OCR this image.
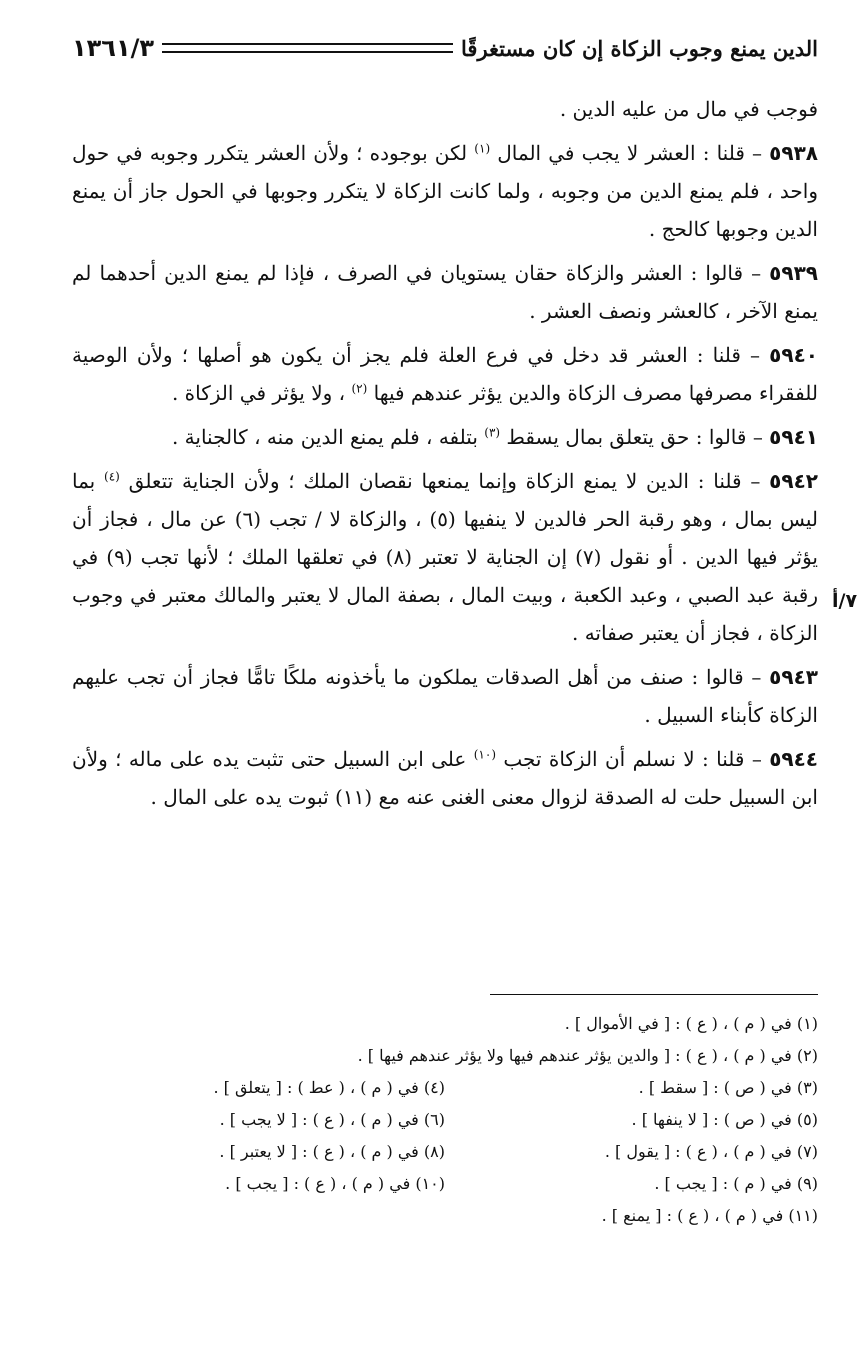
الدين يمنع وجوب الزكاة إن كان مستغرقًا
١٣٦١/٣
٧/أ

فوجب في مال من عليه الدين .

٥٩٣٨ – قلنا : العشر لا يجب في المال $^{(١)}$ لكن بوجوده ؛ ولأن العشر يتكرر وجوبه في حول واحد ، فلم يمنع الدين من وجوبه ، ولما كانت الزكاة لا يتكرر وجوبها في الحول جاز أن يمنع الدين وجوبها كالحج .

٥٩٣٩ – قالوا : العشر والزكاة حقان يستويان في الصرف ، فإذا لم يمنع الدين أحدهما لم يمنع الآخر ، كالعشر ونصف العشر .

٥٩٤٠ – قلنا : العشر قد دخل في فرع العلة فلم يجز أن يكون هو أصلها ؛ ولأن الوصية للفقراء مصرفها مصرف الزكاة والدين يؤثر عندهم فيها $^{(٢)}$ ، ولا يؤثر في الزكاة .

٥٩٤١ – قالوا : حق يتعلق بمال يسقط $^{(٣)}$ بتلفه ، فلم يمنع الدين منه ، كالجناية .

٥٩٤٢ – قلنا : الدين لا يمنع الزكاة وإنما يمنعها نقصان الملك ؛ ولأن الجناية تتعلق $^{(٤)}$ بما ليس بمال ، وهو رقبة الحر فالدين لا ينفيها (٥) ، والزكاة لا / تجب (٦) عن مال ، فجاز أن يؤثر فيها الدين . أو نقول (٧) إن الجناية لا تعتبر (٨) في تعلقها الملك ؛ لأنها تجب (٩) في رقبة عبد الصبي ، وعبد الكعبة ، وبيت المال ، بصفة المال لا يعتبر والمالك معتبر في وجوب الزكاة ، فجاز أن يعتبر صفاته .

٥٩٤٣ – قالوا : صنف من أهل الصدقات يملكون ما يأخذونه ملكًا تامًّا فجاز أن تجب عليهم الزكاة كأبناء السبيل .

٥٩٤٤ – قلنا : لا نسلم أن الزكاة تجب $^{(١٠)}$ على ابن السبيل حتى تثبت يده على ماله ؛ ولأن ابن السبيل حلت له الصدقة لزوال معنى الغنى عنه مع (١١) ثبوت يده على المال .

(١) في ( م ) ، ( ع ) : [ في الأموال ] .
(٢) في ( م ) ، ( ع ) : [ والدين يؤثر عندهم فيها ولا يؤثر عندهم فيها ] .
(٣) في ( ص ) : [ سقط ] .
(٤) في ( م ) ، ( عط ) : [ يتعلق ] .
(٥) في ( ص ) : [ لا ينفها ] .
(٦) في ( م ) ، ( ع ) : [ لا يجب ] .
(٧) في ( م ) ، ( ع ) : [ يقول ] .
(٨) في ( م ) ، ( ع ) : [ لا يعتبر ] .
(٩) في ( م ) : [ يجب ] .
(١٠) في ( م ) ، ( ع ) : [ يجب ] .
(١١) في ( م ) ، ( ع ) : [ يمنع ] .
